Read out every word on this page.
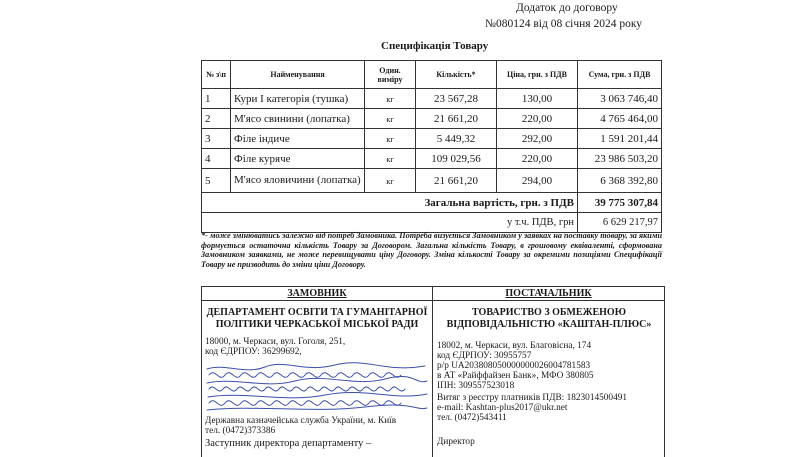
Додаток до договору
№080124 від 08 січня 2024 року
Специфікація Товару
№ з\п	Найменування	Один. виміру	Кількість*	Ціна, грн. з ПДВ	Сума, грн. з ПДВ
1	Кури І категорія (тушка)	кг	23 567,28	130,00	3 063 746,40
2	М'ясо свинини (лопатка)	кг	21 661,20	220,00	4 765 464,00
3	Філе індиче	кг	5 449,32	292,00	1 591 201,44
4	Філе куряче	кг	109 029,56	220,00	23 986 503,20
5	М'ясо яловичини (лопатка)	кг	21 661,20	294,00	6 368 392,80
Загальна вартість, грн. з ПДВ					39 775 307,84
у т.ч. ПДВ, грн					6 629 217,97
*- може змінюватись залежно від потреб Замовника. Потреба визується Замовником у заявках на поставку товару, за якими формується остаточна кількість Товару за Договором. Загальна кількість Товару, в грошовому еквіваленті, сформована Замовником заявками, не може перевищувати ціну Договору. Зміна кількості Товару за окремими позиціями Специфікації Товару не призводить до зміни ціни Договору.
ЗАМОВНИК
ДЕПАРТАМЕНТ ОСВІТИ ТА ГУМАНІТАРНОЇ ПОЛІТИКИ ЧЕРКАСЬКОЇ МІСЬКОЇ РАДИ
18000, м. Черкаси, вул. Гоголя, 251,
код ЄДРПОУ: 36299692,
Державна казначейська служба України, м. Київ
тел. (0472)373386
Заступник директора департаменту –
ПОСТАЧАЛЬНИК
ТОВАРИСТВО З ОБМЕЖЕНОЮ ВІДПОВІДАЛЬНІСТЮ «КАШТАН-ПЛЮС»
18002, м. Черкаси, вул. Благовісна, 174
код ЄДРПОУ: 30955757
р/р UA203808050000000026004781583
в АТ «Райффайзен Банк», МФО 380805
ІПН: 309557523018
Витяг з реєстру платників ПДВ: 1823014500491
e-mail: Kashtan-plus2017@ukr.net
тел. (0472)543411
Директор
